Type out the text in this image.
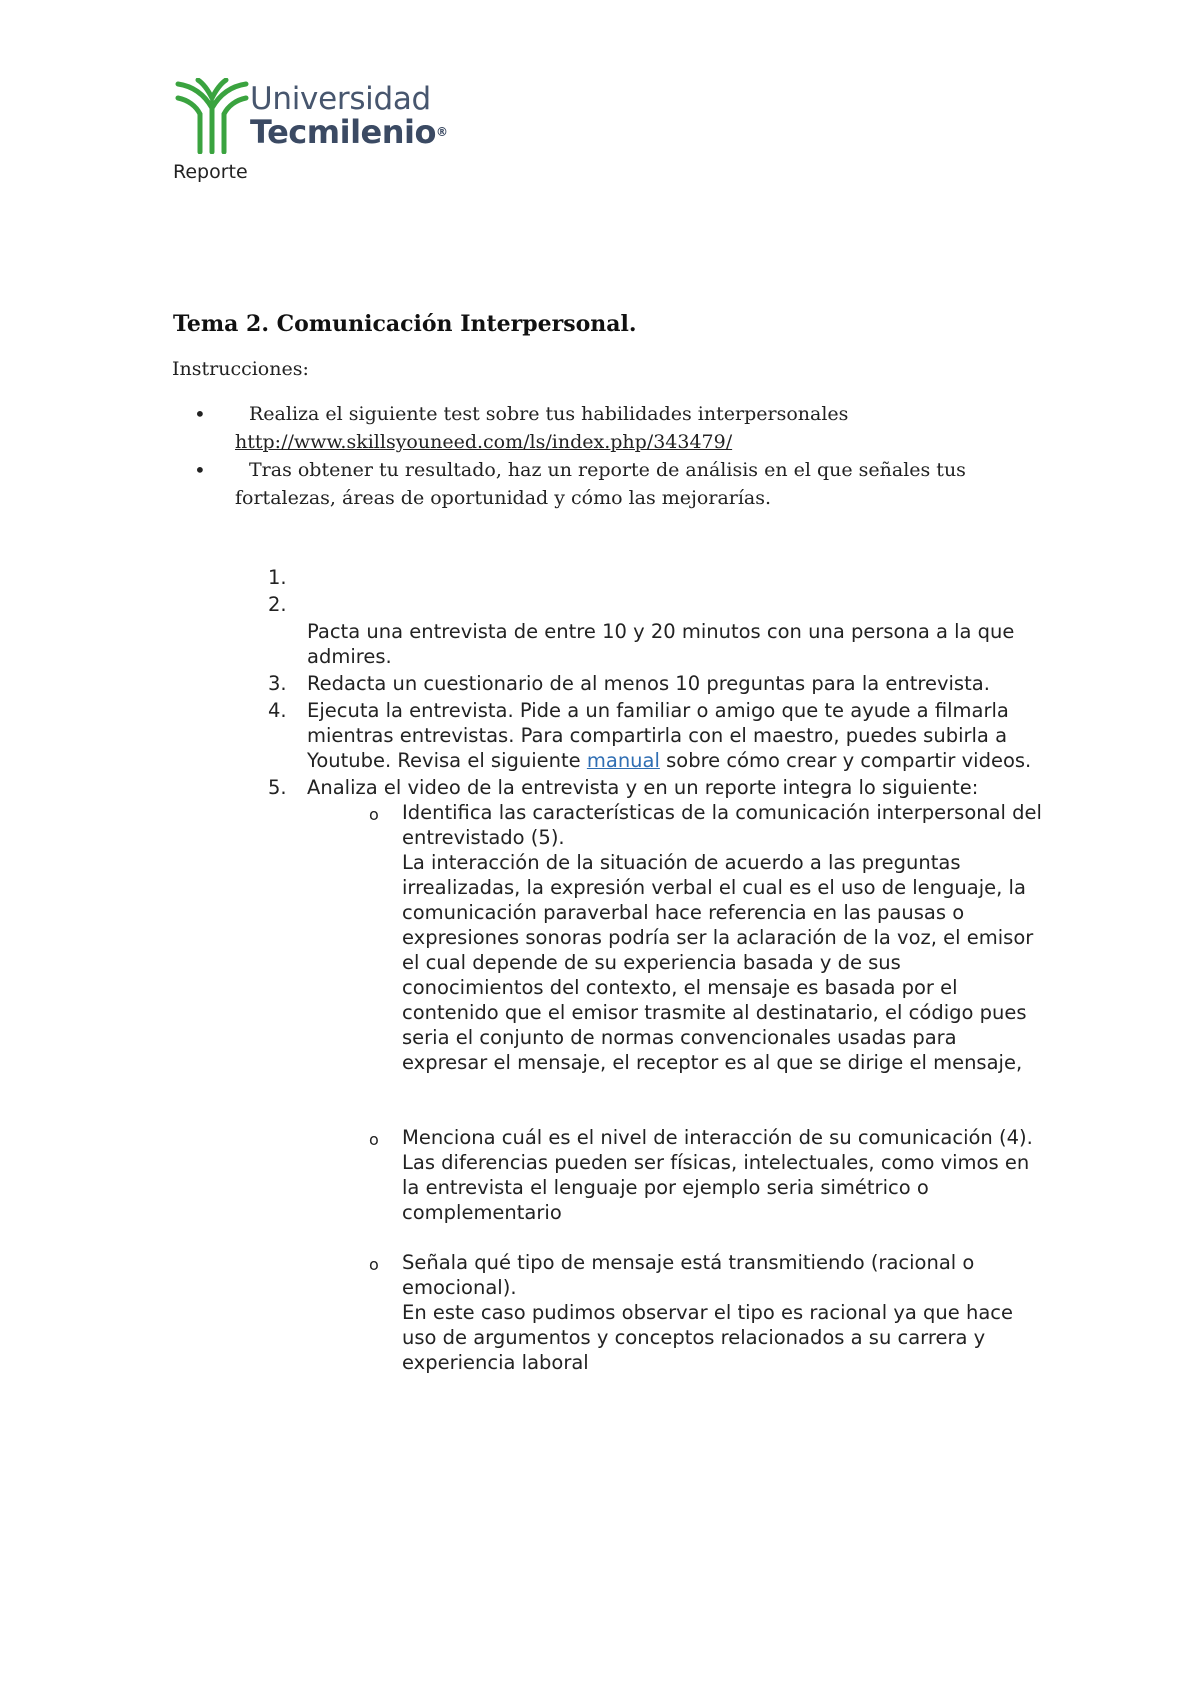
Universidad
Tecmilenio®
Reporte
Tema 2. Comunicación Interpersonal.
Instrucciones:
• Realiza el siguiente test sobre tus habilidades interpersonales http://www.skillsyouneed.com/ls/index.php/343479/
• Tras obtener tu resultado, haz un reporte de análisis en el que señales tus fortalezas, áreas de oportunidad y cómo las mejorarías.
1.

2.

Pacta una entrevista de entre 10 y 20 minutos con una persona a la que admires.
3. Redacta un cuestionario de al menos 10 preguntas para la entrevista.
4. Ejecuta la entrevista. Pide a un familiar o amigo que te ayude a filmarla mientras entrevistas. Para compartirla con el maestro, puedes subirla a Youtube. Revisa el siguiente manual sobre cómo crear y compartir videos.
5. Analiza el video de la entrevista y en un reporte integra lo siguiente:
o

Identifica las características de la comunicación interpersonal del entrevistado (5).

La interacción de la situación de acuerdo a las preguntas irrealizadas, la expresión verbal el cual es el uso de lenguaje, la comunicación paraverbal hace referencia en las pausas o expresiones sonoras podría ser la aclaración de la voz, el emisor el cual depende de su experiencia basada y de sus conocimientos del contexto, el mensaje es basada por el contenido que el emisor trasmite al destinatario, el código pues seria el conjunto de normas convencionales usadas para expresar el mensaje, el receptor es al que se dirige el mensaje,

o

Menciona cuál es el nivel de interacción de su comunicación (4).

Las diferencias pueden ser físicas, intelectuales, como vimos en la entrevista el lenguaje por ejemplo seria simétrico o complementario

o

Señala qué tipo de mensaje está transmitiendo (racional o emocional).

En este caso pudimos observar el tipo es racional ya que hace uso de argumentos y conceptos relacionados a su carrera y experiencia laboral
